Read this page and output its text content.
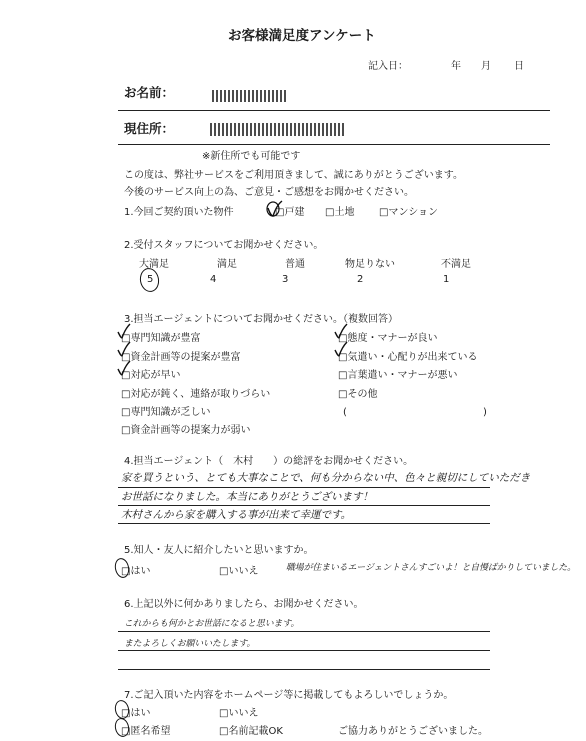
お客様満足度アンケート
記入日：	年 月 日
お名前：
現住所：
※新住所でも可能です
この度は、弊社サービスをご利用頂きまして、誠にありがとうございます。
今後のサービス向上の為、ご意見・ご感想をお聞かせください。
1.今回ご契約頂いた物件	□戸建 □土地 □マンション
2.受付スタッフについてお聞かせください。
大満足	満足	普通	物足りない	不満足
5	4	3	2	1
3.担当エージェントについてお聞かせください。（複数回答）
□専門知識が豊富
□資金計画等の提案が豊富
□対応が早い
□対応が鈍く、連絡が取りづらい
□専門知識が乏しい
□資金計画等の提案力が弱い
□態度・マナーが良い
□気遣い・心配りが出来ている
□言葉遣い・マナーが悪い
□その他
(	)
4.担当エージェント（　木村　　）の総評をお聞かせください。
家を買うという、とても大事なことで、何も分からない中、色々と親切にしていただき
お世話になりました。本当にありがとうございます！
木村さんから家を購入する事が出来て幸運です。
5.知人・友人に紹介したいと思いますか。
□はい	□いいえ	職場が住まいるエージェントさんすごいよ！と自慢ばかりしていました。
6.上記以外に何かありましたら、お聞かせください。
これからも何かとお世話になると思います。
またよろしくお願いいたします。
7.ご記入頂いた内容をホームページ等に掲載してもよろしいでしょうか。
□はい	□いいえ
□匿名希望	□名前記載OK	ご協力ありがとうございました。
